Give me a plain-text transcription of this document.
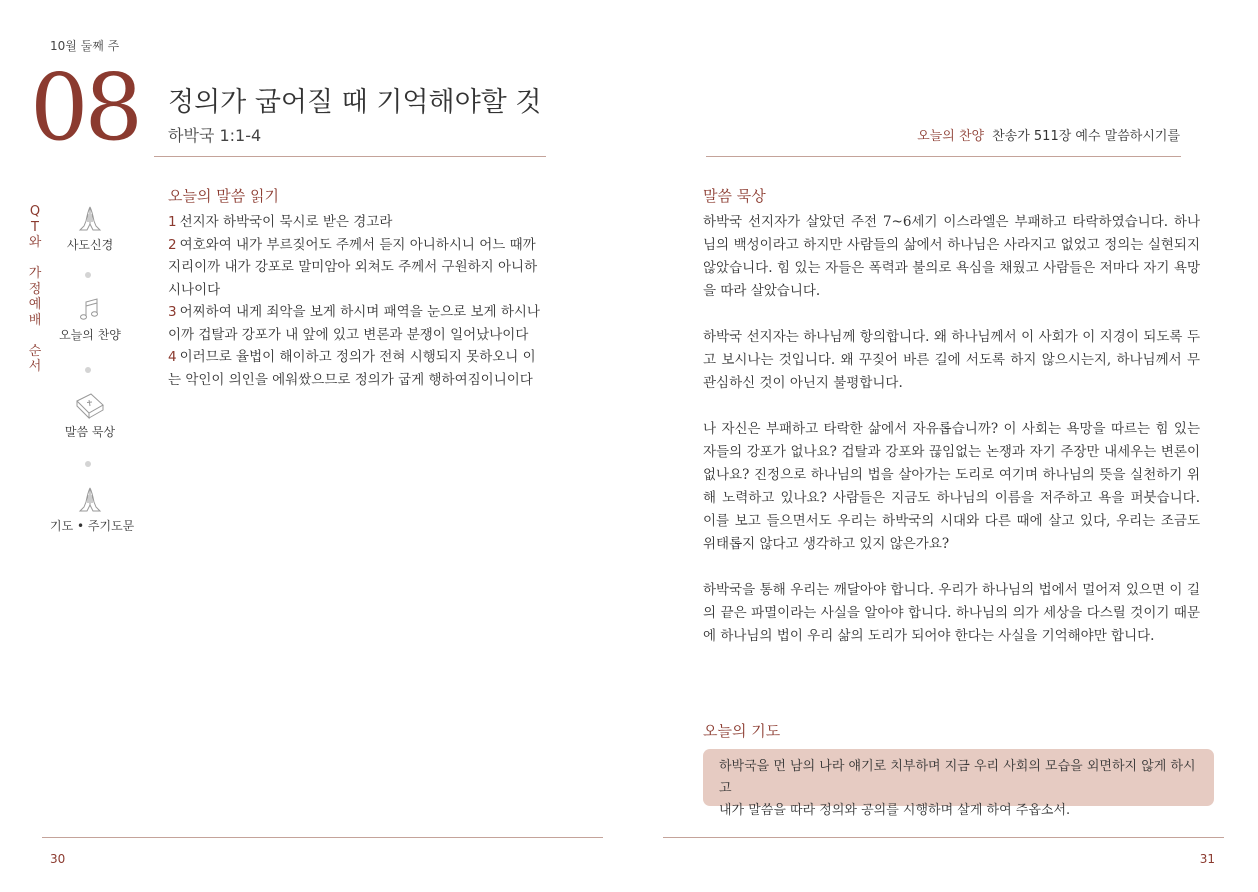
10월 둘째 주
08 정의가 굽어질 때 기억해야할 것
하박국 1:1-4
Q
T
와
가
정
예
배
순
서
사도신경
오늘의 찬양
말씀 묵상
기도 • 주기도문
오늘의 말씀 읽기

1 선지자 하박국이 묵시로 받은 경고라

2 여호와여 내가 부르짖어도 주께서 듣지 아니하시니 어느 때까지리이까 내가 강포로 말미암아 외쳐도 주께서 구원하지 아니하시나이다

3 어찌하여 내게 죄악을 보게 하시며 패역을 눈으로 보게 하시나이까 겁탈과 강포가 내 앞에 있고 변론과 분쟁이 일어났나이다

4 이러므로 율법이 해이하고 정의가 전혀 시행되지 못하오니 이는 악인이 의인을 에워쌌으므로 정의가 굽게 행하여짐이니이다

30
오늘의 찬양 찬송가 511장 예수 말씀하시기를
말씀 묵상

하박국 선지자가 살았던 주전 7~6세기 이스라엘은 부패하고 타락하였습니다. 하나님의 백성이라고 하지만 사람들의 삶에서 하나님은 사라지고 없었고 정의는 실현되지 않았습니다. 힘 있는 자들은 폭력과 불의로 욕심을 채웠고 사람들은 저마다 자기 욕망을 따라 살았습니다.

하박국 선지자는 하나님께 항의합니다. 왜 하나님께서 이 사회가 이 지경이 되도록 두고 보시나는 것입니다. 왜 꾸짖어 바른 길에 서도록 하지 않으시는지, 하나님께서 무관심하신 것이 아닌지 불평합니다.

나 자신은 부패하고 타락한 삶에서 자유롭습니까? 이 사회는 욕망을 따르는 힘 있는 자들의 강포가 없나요? 겁탈과 강포와 끊임없는 논쟁과 자기 주장만 내세우는 변론이 없나요? 진정으로 하나님의 법을 살아가는 도리로 여기며 하나님의 뜻을 실천하기 위해 노력하고 있나요? 사람들은 지금도 하나님의 이름을 저주하고 욕을 퍼붓습니다. 이를 보고 들으면서도 우리는 하박국의 시대와 다른 때에 살고 있다, 우리는 조금도 위태롭지 않다고 생각하고 있지 않은가요?

하박국을 통해 우리는 깨달아야 합니다. 우리가 하나님의 법에서 멀어져 있으면 이 길의 끝은 파멸이라는 사실을 알아야 합니다. 하나님의 의가 세상을 다스릴 것이기 때문에 하나님의 법이 우리 삶의 도리가 되어야 한다는 사실을 기억해야만 합니다.

오늘의 기도
하박국을 먼 남의 나라 얘기로 치부하며 지금 우리 사회의 모습을 외면하지 않게 하시고
내가 말씀을 따라 정의와 공의를 시행하며 살게 하여 주옵소서.
31
